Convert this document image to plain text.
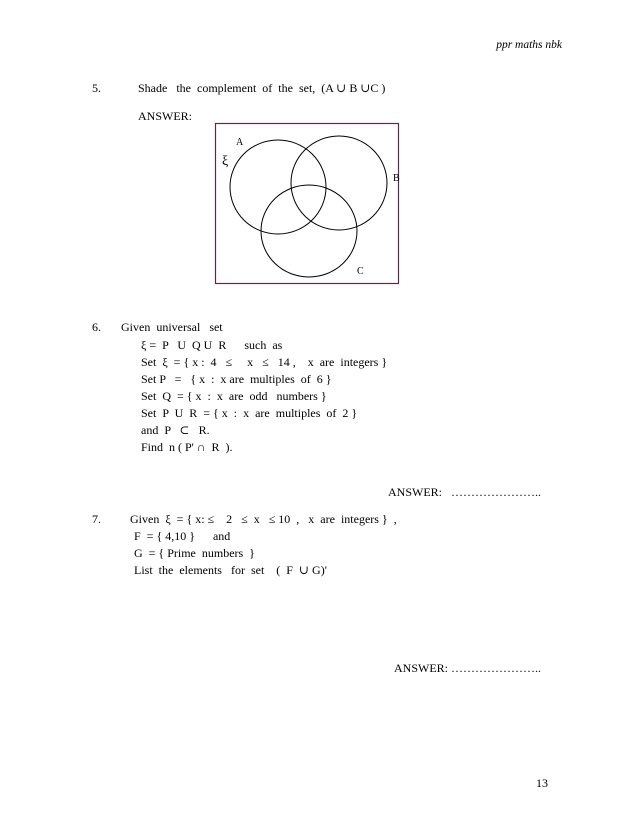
ppr maths nbk
5.	Shade   the  complement  of  the  set,  (A ∪ B ∪C )
ANSWER:
A
ξ
B
C
6. Given  universal   set
ξ =  P   U  Q U  R      such  as
Set  ξ  = { x :  4   ≤     x   ≤   14 ,    x  are  integers }
Set P   =   { x  :  x are  multiples  of  6 }
Set  Q  = { x  :  x  are  odd   numbers }
Set  P  U  R  = { x  :  x  are  multiples  of  2 }
and  P   ⊂   R.
Find  n ( P' ∩  R  ).
ANSWER:   …………………..
7. Given  ξ  = { x: ≤    2   ≤  x   ≤ 10  ,   x  are  integers }  ,
F  = { 4,10 }      and
G  = { Prime  numbers  }
List  the  elements   for  set    (  F  ∪ G)'
ANSWER: …………………..
13
